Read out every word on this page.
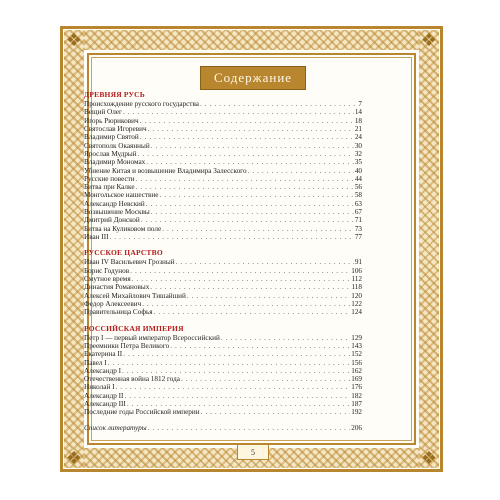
❖	❖
❖	❖
Содержание
5
ДРЕВНЯЯ РУСЬ
Происхождение русского государства . . .	7
Вещий Олег . . .	14
Игорь Рюрикович . . .	18
Святослав Игоревич . . .	21
Владимир Святой . . .	24
Святополк Окаянный . . .	30
Ярослав Мудрый . . .	32
Владимир Мономах . . .	35
Убиение Китая и возвышение Владимира Залесского . . .	40
Русские повести . . .	44
Битва при Калке . . .	56
Монгольское нашествие . . .	58
Александр Невский . . .	63
Возвышение Москвы . . .	67
Дмитрий Донской . . .	71
Битва на Куликовом поле . . .	73
Иван III . . .	77
РУССКОЕ ЦАРСТВО
Иван IV Васильевич Грозный . . .	91
Борис Годунов . . .	106
Смутное время . . .	112
Династия Романовых . . .	118
Алексей Михайлович Тишайший . . .	120
Федор Алексеевич . . .	122
Правительница Софья . . .	124
РОССИЙСКАЯ ИМПЕРИЯ
Петр I — первый император Всероссийский . . .	129
Преемники Петра Великого . . .	143
Екатерина II . . .	152
Павел I . . .	156
Александр I . . .	162
Отечественная война 1812 года . . .	169
Николай I . . .	176
Александр II . . .	182
Александр III . . .	187
Последние годы Российской империи . . .	192
Список литературы . . .	206
